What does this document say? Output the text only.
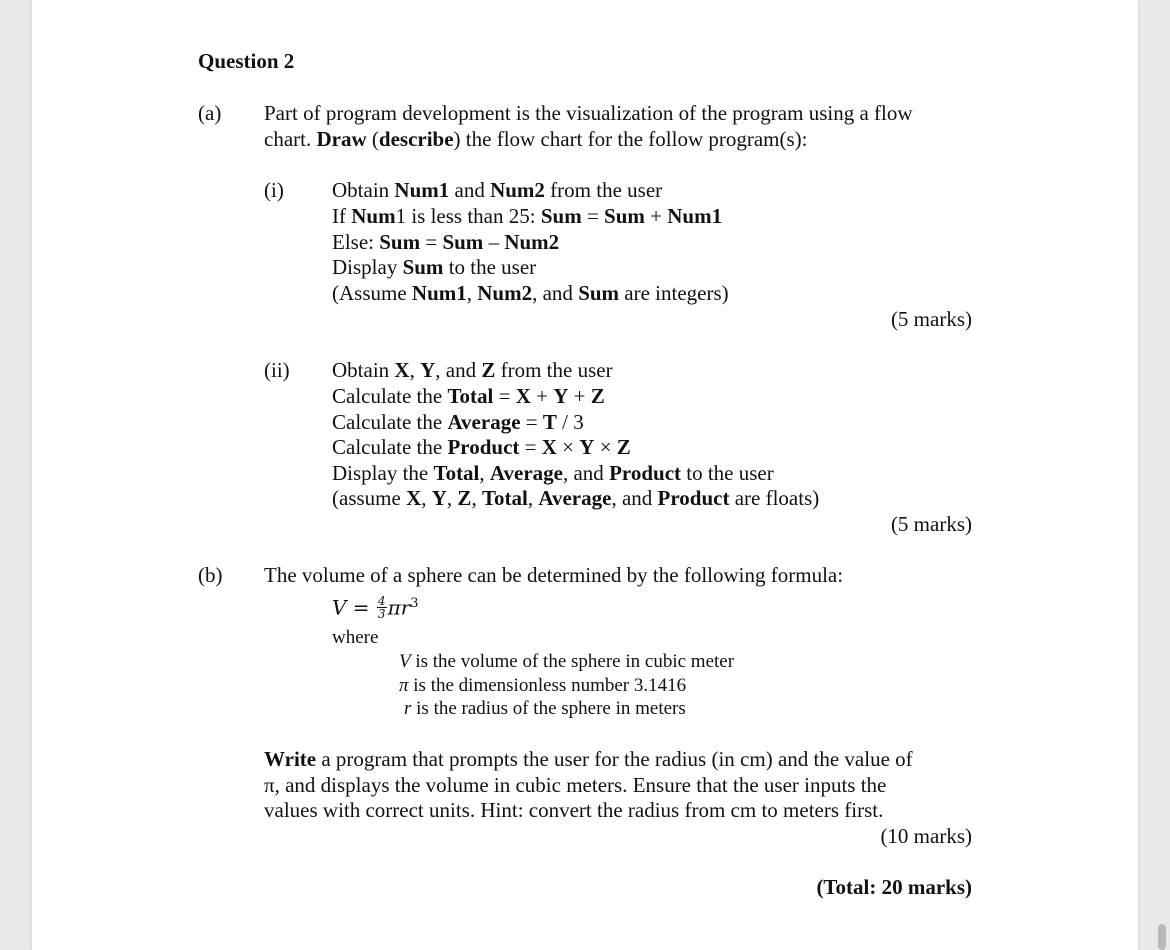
Question 2
(a) Part of program development is the visualization of the program using a flow
chart. Draw (describe) the flow chart for the follow program(s):
(i) Obtain Num1 and Num2 from the user
If Num1 is less than 25: Sum = Sum + Num1
Else: Sum = Sum – Num2
Display Sum to the user
(Assume Num1, Num2, and Sum are integers)
(5 marks)
(ii) Obtain X, Y, and Z from the user
Calculate the Total = X + Y + Z
Calculate the Average = T / 3
Calculate the Product = X × Y × Z
Display the Total, Average, and Product to the user
(assume X, Y, Z, Total, Average, and Product are floats)
(5 marks)
(b) The volume of a sphere can be determined by the following formula:
$V = \frac{4}{3} \pi r^3$
where
V is the volume of the sphere in cubic meter
π is the dimensionless number 3.1416
r is the radius of the sphere in meters
Write a program that prompts the user for the radius (in cm) and the value of
π, and displays the volume in cubic meters. Ensure that the user inputs the
values with correct units. Hint: convert the radius from cm to meters first.
(10 marks)
(Total: 20 marks)
